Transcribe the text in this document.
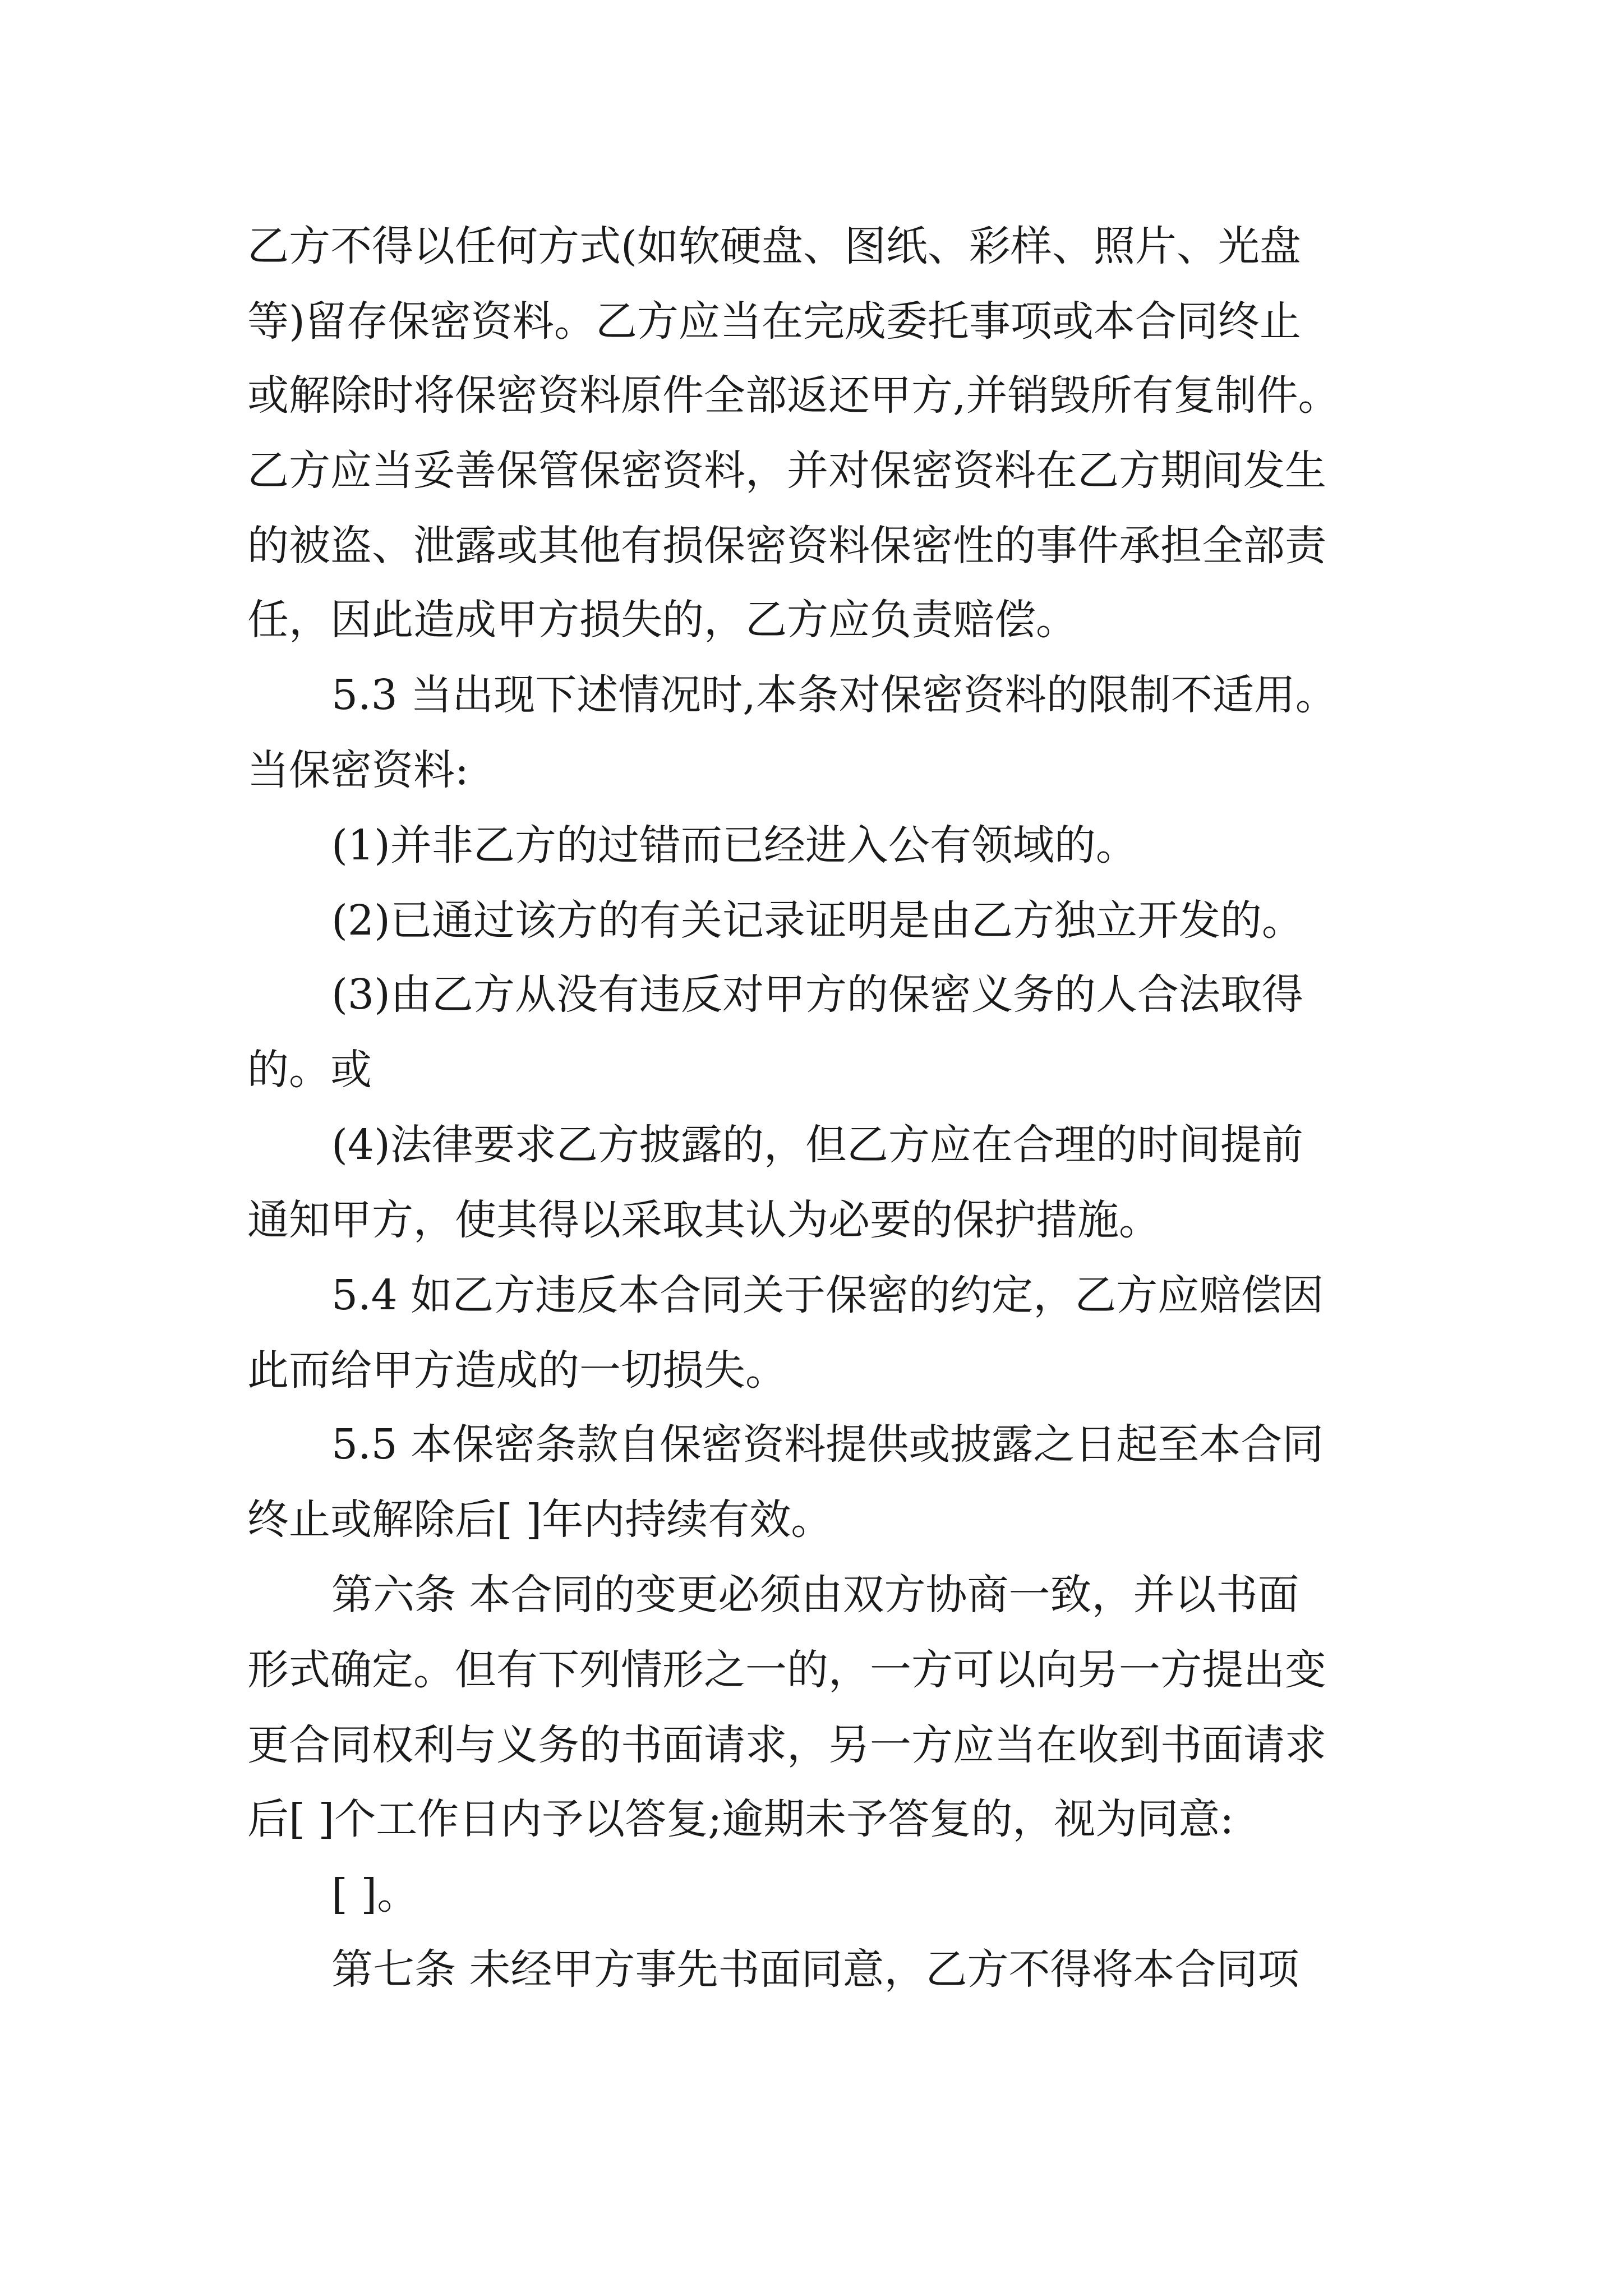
乙方不得以任何方式(如软硬盘、图纸、彩样、照片、光盘
等)留存保密资料。乙方应当在完成委托事项或本合同终止
或解除时将保密资料原件全部返还甲方,并销毁所有复制件。
乙方应当妥善保管保密资料，并对保密资料在乙方期间发生
的被盗、泄露或其他有损保密资料保密性的事件承担全部责
任，因此造成甲方损失的，乙方应负责赔偿。
5.3 当出现下述情况时,本条对保密资料的限制不适用。
当保密资料:
(1)并非乙方的过错而已经进入公有领域的。
(2)已通过该方的有关记录证明是由乙方独立开发的。
(3)由乙方从没有违反对甲方的保密义务的人合法取得
的。或
(4)法律要求乙方披露的，但乙方应在合理的时间提前
通知甲方，使其得以采取其认为必要的保护措施。
5.4 如乙方违反本合同关于保密的约定，乙方应赔偿因
此而给甲方造成的一切损失。
5.5 本保密条款自保密资料提供或披露之日起至本合同
终止或解除后[ ]年内持续有效。
第六条 本合同的变更必须由双方协商一致，并以书面
形式确定。但有下列情形之一的，一方可以向另一方提出变
更合同权利与义务的书面请求，另一方应当在收到书面请求
后[ ]个工作日内予以答复;逾期未予答复的，视为同意:
[ ]。
第七条 未经甲方事先书面同意，乙方不得将本合同项
